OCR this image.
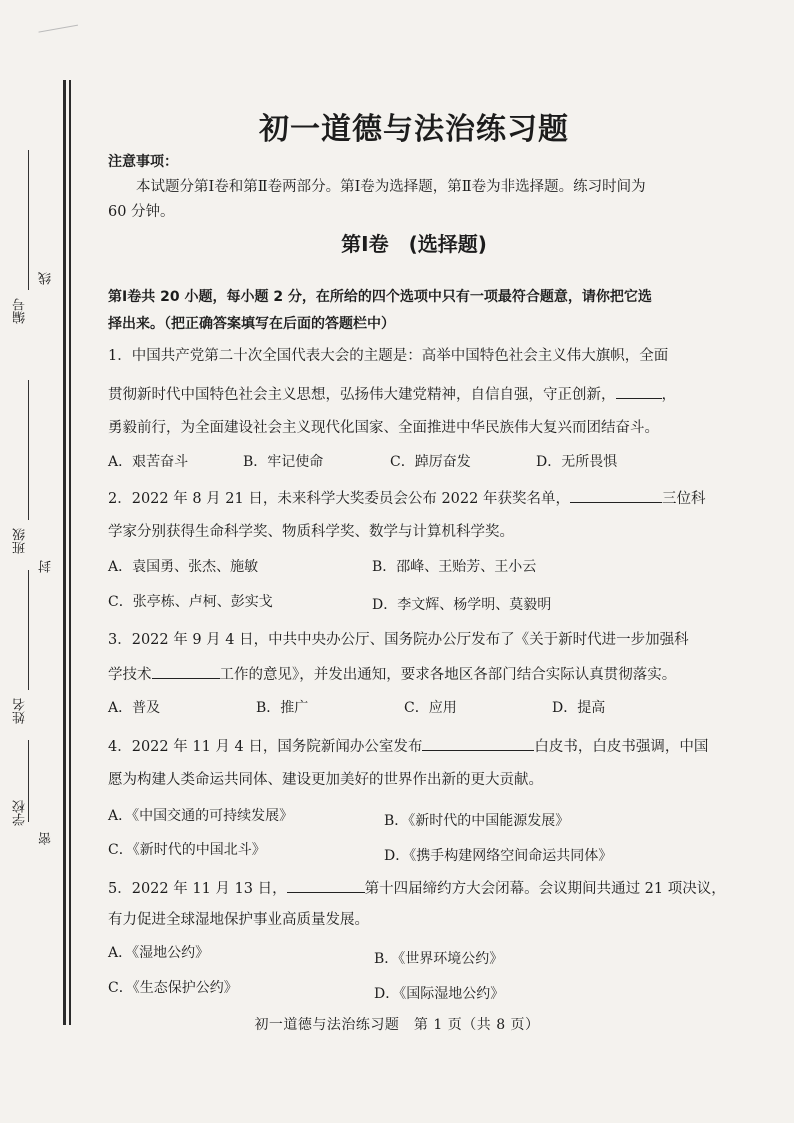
编号
班级
姓名
学校
线
封
密
初一道德与法治练习题
注意事项：
本试题分第Ⅰ卷和第Ⅱ卷两部分。第Ⅰ卷为选择题，第Ⅱ卷为非选择题。练习时间为
60 分钟。
第Ⅰ卷　(选择题)
第Ⅰ卷共 20 小题，每小题 2 分，在所给的四个选项中只有一项最符合题意，请你把它选
择出来。（把正确答案填写在后面的答题栏中）
1．中国共产党第二十次全国代表大会的主题是：高举中国特色社会主义伟大旗帜，全面
贯彻新时代中国特色社会主义思想，弘扬伟大建党精神，自信自强，守正创新，	，
勇毅前行，为全面建设社会主义现代化国家、全面推进中华民族伟大复兴而团结奋斗。
A．艰苦奋斗	B．牢记使命	C．踔厉奋发	D．无所畏惧
2．2022 年 8 月 21 日，未来科学大奖委员会公布 2022 年获奖名单，	三位科
学家分别获得生命科学奖、物质科学奖、数学与计算机科学奖。
A．袁国勇、张杰、施敏	B．邵峰、王贻芳、王小云
C．张亭栋、卢柯、彭实戈	D．李文辉、杨学明、莫毅明
3．2022 年 9 月 4 日，中共中央办公厅、国务院办公厅发布了《关于新时代进一步加强科
学技术	工作的意见》，并发出通知，要求各地区各部门结合实际认真贯彻落实。
A．普及	B．推广	C．应用	D．提高
4．2022 年 11 月 4 日，国务院新闻办公室发布	白皮书，白皮书强调，中国
愿为构建人类命运共同体、建设更加美好的世界作出新的更大贡献。
A．《中国交通的可持续发展》	B．《新时代的中国能源发展》
C．《新时代的中国北斗》	D．《携手构建网络空间命运共同体》
5．2022 年 11 月 13 日，	第十四届缔约方大会闭幕。会议期间共通过 21 项决议，
有力促进全球湿地保护事业高质量发展。
A．《湿地公约》	B．《世界环境公约》
C．《生态保护公约》	D．《国际湿地公约》
初一道德与法治练习题　第 1 页（共 8 页）
